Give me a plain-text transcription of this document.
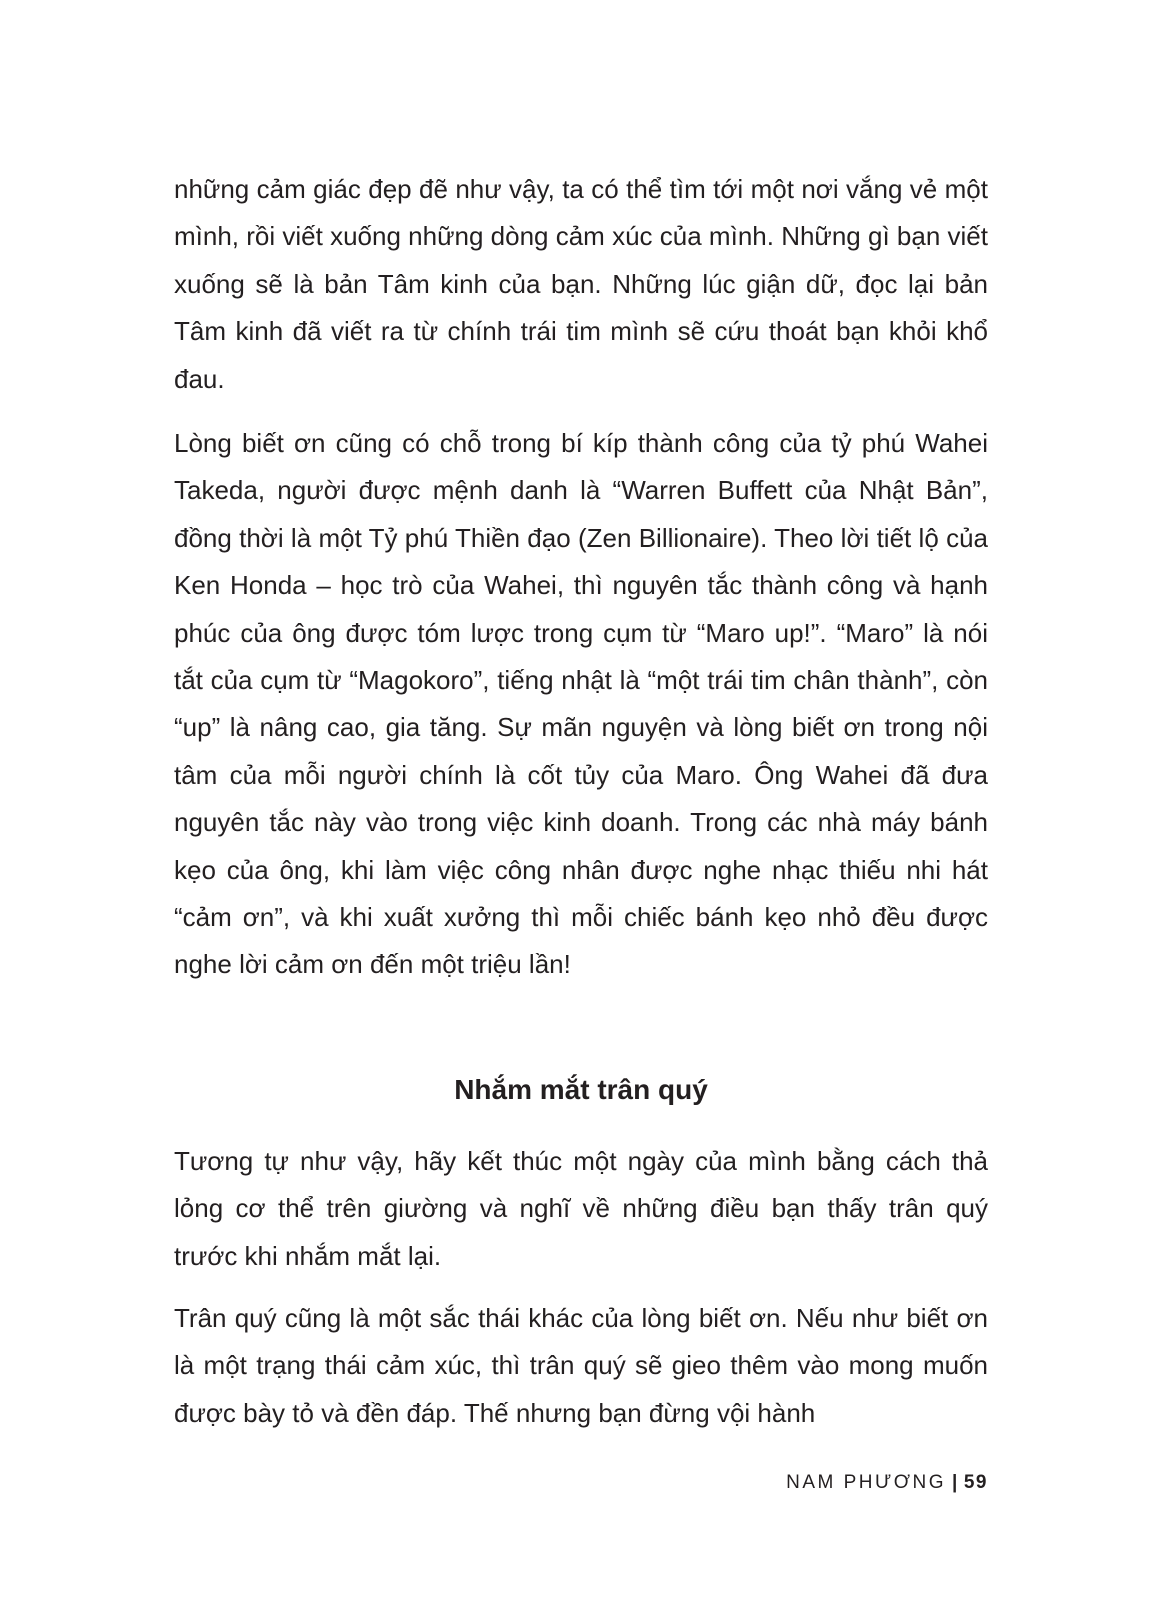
những cảm giác đẹp đẽ như vậy, ta có thể tìm tới một nơi vắng vẻ một mình, rồi viết xuống những dòng cảm xúc của mình. Những gì bạn viết xuống sẽ là bản Tâm kinh của bạn. Những lúc giận dữ, đọc lại bản Tâm kinh đã viết ra từ chính trái tim mình sẽ cứu thoát bạn khỏi khổ đau.

Lòng biết ơn cũng có chỗ trong bí kíp thành công của tỷ phú Wahei Takeda, người được mệnh danh là “Warren Buffett của Nhật Bản”, đồng thời là một Tỷ phú Thiền đạo (Zen Billionaire). Theo lời tiết lộ của Ken Honda – học trò của Wahei, thì nguyên tắc thành công và hạnh phúc của ông được tóm lược trong cụm từ “Maro up!”. “Maro” là nói tắt của cụm từ “Magokoro”, tiếng nhật là “một trái tim chân thành”, còn “up” là nâng cao, gia tăng. Sự mãn nguyện và lòng biết ơn trong nội tâm của mỗi người chính là cốt tủy của Maro. Ông Wahei đã đưa nguyên tắc này vào trong việc kinh doanh. Trong các nhà máy bánh kẹo của ông, khi làm việc công nhân được nghe nhạc thiếu nhi hát “cảm ơn”, và khi xuất xưởng thì mỗi chiếc bánh kẹo nhỏ đều được nghe lời cảm ơn đến một triệu lần!

Nhắm mắt trân quý

Tương tự như vậy, hãy kết thúc một ngày của mình bằng cách thả lỏng cơ thể trên giường và nghĩ về những điều bạn thấy trân quý trước khi nhắm mắt lại.

Trân quý cũng là một sắc thái khác của lòng biết ơn. Nếu như biết ơn là một trạng thái cảm xúc, thì trân quý sẽ gieo thêm vào mong muốn được bày tỏ và đền đáp. Thế nhưng bạn đừng vội hành

NAM PHƯƠNG | 59
